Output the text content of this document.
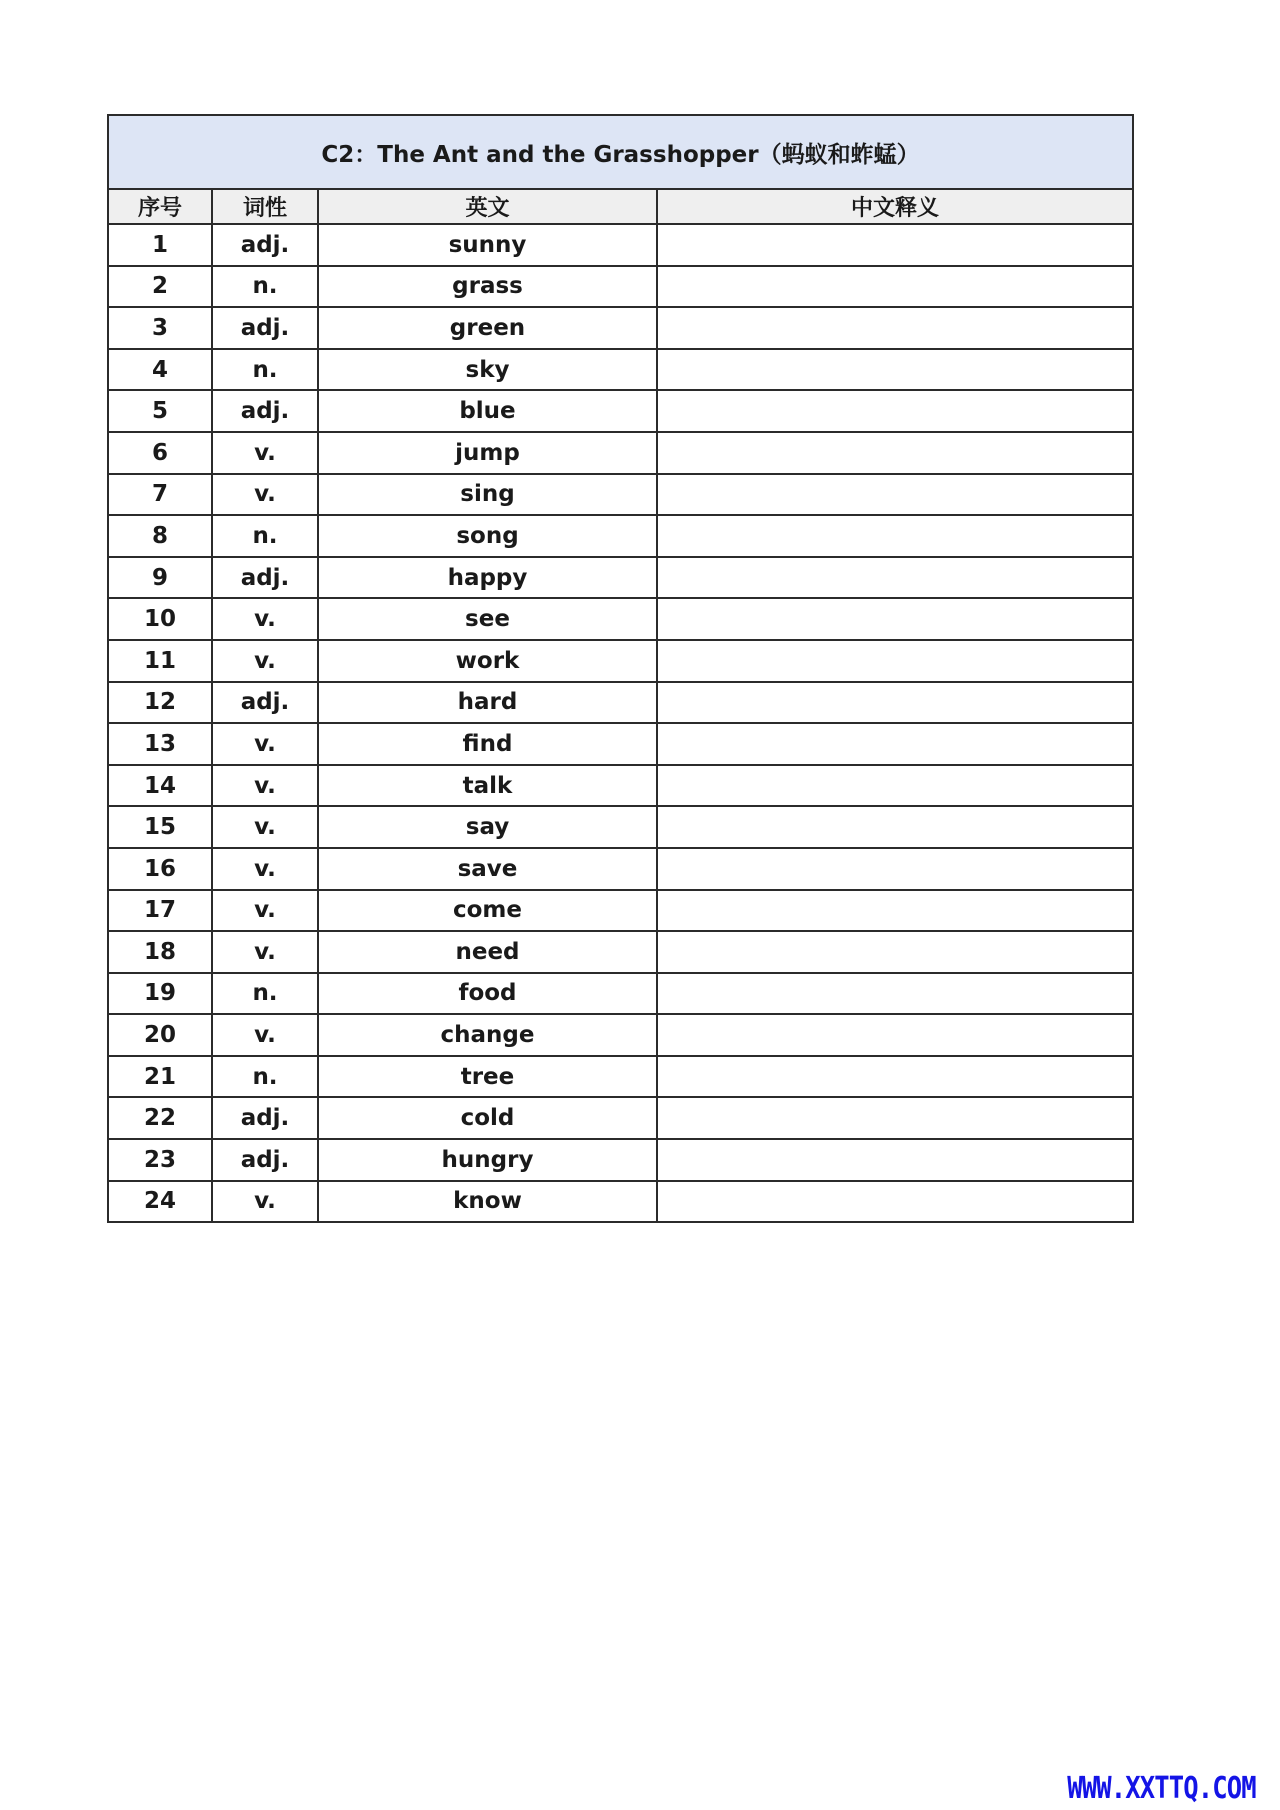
C2：The Ant and the Grasshopper（蚂蚁和蚱蜢）			
序号	词性	英文	中文释义
1	adj.	sunny	
2	n.	grass	
3	adj.	green	
4	n.	sky	
5	adj.	blue	
6	v.	jump	
7	v.	sing	
8	n.	song	
9	adj.	happy	
10	v.	see	
11	v.	work	
12	adj.	hard	
13	v.	find	
14	v.	talk	
15	v.	say	
16	v.	save	
17	v.	come	
18	v.	need	
19	n.	food	
20	v.	change	
21	n.	tree	
22	adj.	cold	
23	adj.	hungry	
24	v.	know	
WWW.XXTTQ.COM
